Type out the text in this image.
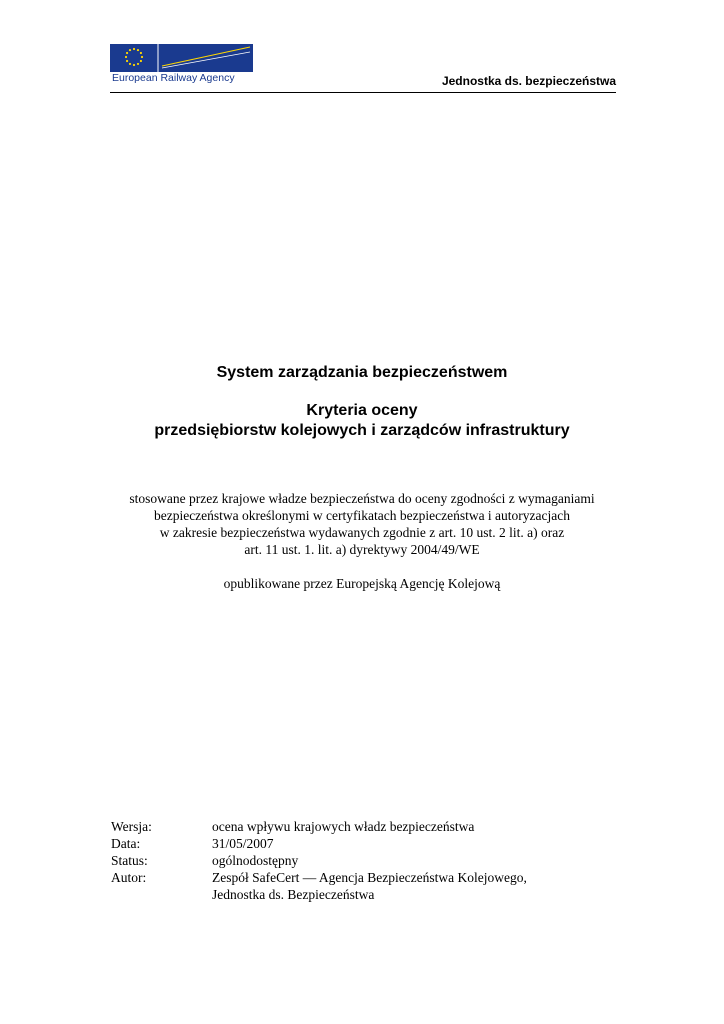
European Railway Agency	Jednostka ds. bezpieczeństwa
System zarządzania bezpieczeństwem
Kryteria oceny
przedsiębiorstw kolejowych i zarządców infrastruktury
stosowane przez krajowe władze bezpieczeństwa do oceny zgodności z wymaganiami
bezpieczeństwa określonymi w certyfikatach bezpieczeństwa i autoryzacjach
w zakresie bezpieczeństwa wydawanych zgodnie z art. 10 ust. 2 lit. a) oraz
art. 11 ust. 1. lit. a) dyrektywy 2004/49/WE
opublikowane przez Europejską Agencję Kolejową
Wersja:	ocena wpływu krajowych władz bezpieczeństwa
Data:	31/05/2007
Status:	ogólnodostępny
Autor:	Zespół SafeCert — Agencja Bezpieczeństwa Kolejowego,
Jednostka ds. Bezpieczeństwa
